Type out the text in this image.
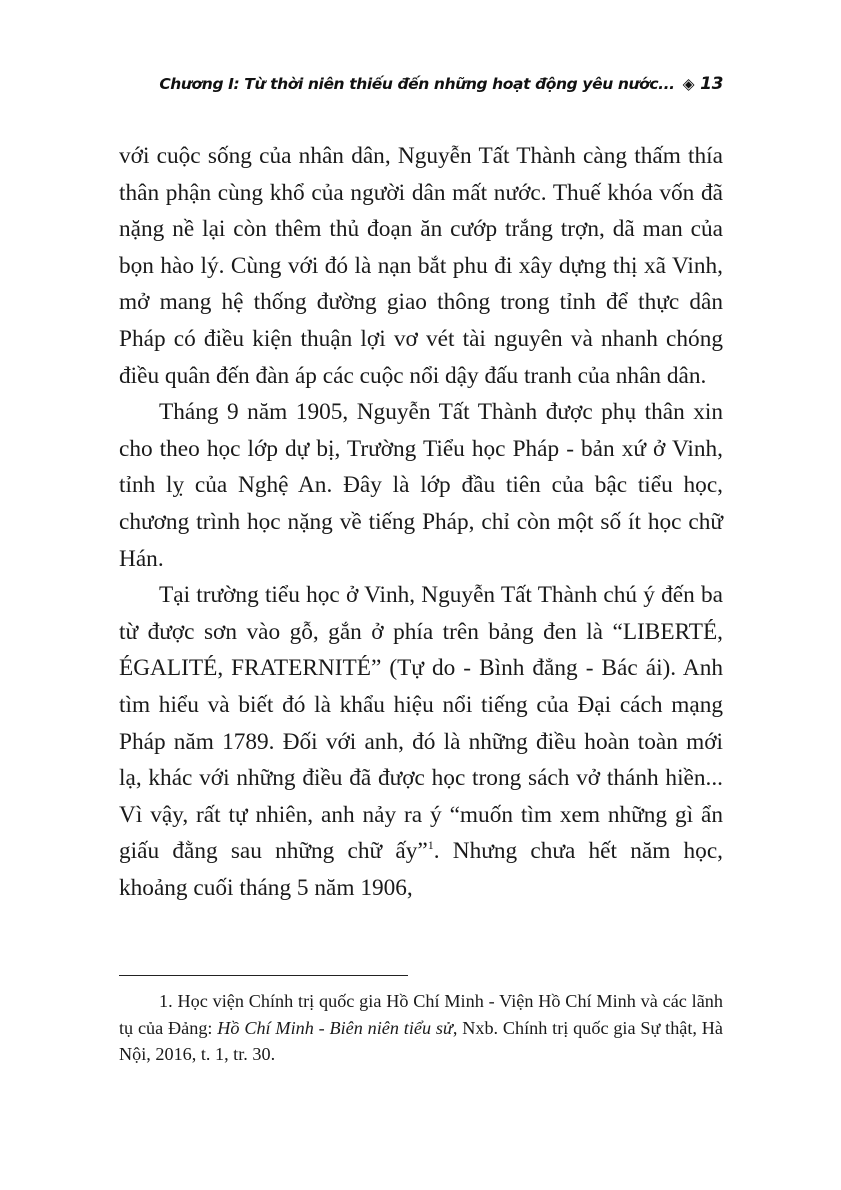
Chương I: Từ thời niên thiếu đến những hoạt động yêu nước... ◈ 13

với cuộc sống của nhân dân, Nguyễn Tất Thành càng thấm thía thân phận cùng khổ của người dân mất nước. Thuế khóa vốn đã nặng nề lại còn thêm thủ đoạn ăn cướp trắng trợn, dã man của bọn hào lý. Cùng với đó là nạn bắt phu đi xây dựng thị xã Vinh, mở mang hệ thống đường giao thông trong tỉnh để thực dân Pháp có điều kiện thuận lợi vơ vét tài nguyên và nhanh chóng điều quân đến đàn áp các cuộc nổi dậy đấu tranh của nhân dân.

Tháng 9 năm 1905, Nguyễn Tất Thành được phụ thân xin cho theo học lớp dự bị, Trường Tiểu học Pháp - bản xứ ở Vinh, tỉnh lỵ của Nghệ An. Đây là lớp đầu tiên của bậc tiểu học, chương trình học nặng về tiếng Pháp, chỉ còn một số ít học chữ Hán.

Tại trường tiểu học ở Vinh, Nguyễn Tất Thành chú ý đến ba từ được sơn vào gỗ, gắn ở phía trên bảng đen là “LIBERTÉ, ÉGALITÉ, FRATERNITÉ” (Tự do - Bình đẳng - Bác ái). Anh tìm hiểu và biết đó là khẩu hiệu nổi tiếng của Đại cách mạng Pháp năm 1789. Đối với anh, đó là những điều hoàn toàn mới lạ, khác với những điều đã được học trong sách vở thánh hiền... Vì vậy, rất tự nhiên, anh nảy ra ý “muốn tìm xem những gì ẩn giấu đằng sau những chữ ấy”$^1$. Nhưng chưa hết năm học, khoảng cuối tháng 5 năm 1906,

1. Học viện Chính trị quốc gia Hồ Chí Minh - Viện Hồ Chí Minh và các lãnh tụ của Đảng: Hồ Chí Minh - Biên niên tiểu sử, Nxb. Chính trị quốc gia Sự thật, Hà Nội, 2016, t. 1, tr. 30.
